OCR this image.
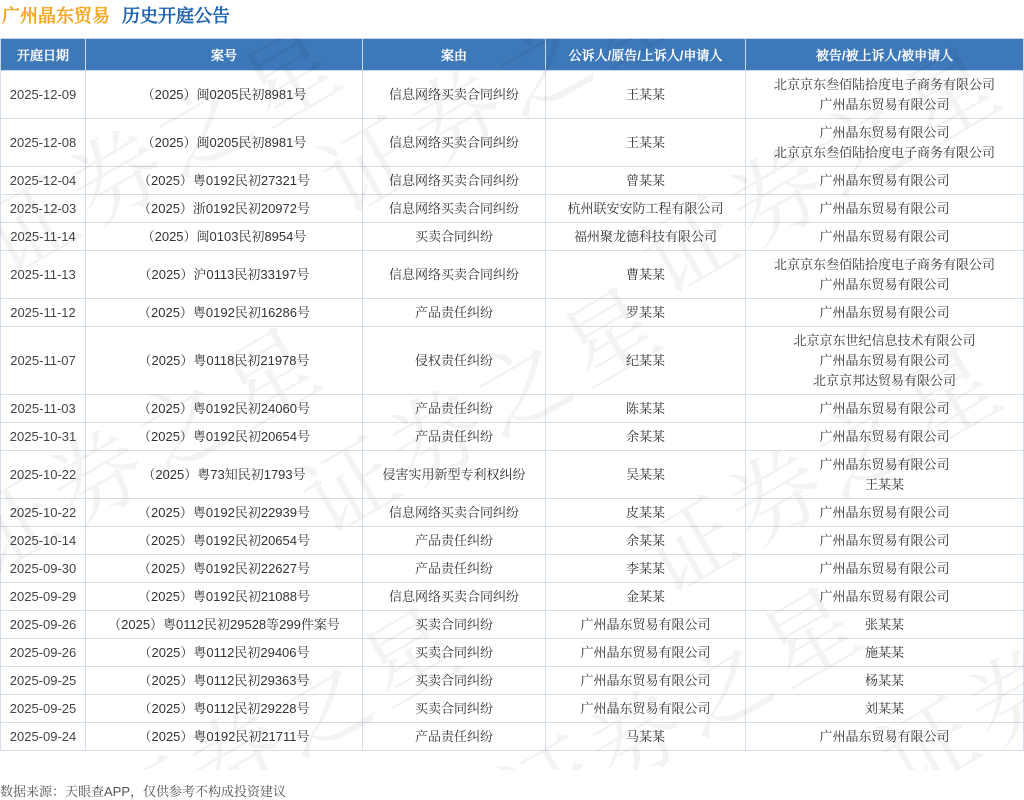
广州晶东贸易 历史开庭公告
开庭日期	案号	案由	公诉人/原告/上诉人/申请人	被告/被上诉人/被申请人
2025-12-09	（2025）闽0205民初8981号	信息网络买卖合同纠纷	王某某	北京京东叁佰陆拾度电子商务有限公司
广州晶东贸易有限公司

2025-12-08	（2025）闽0205民初8981号	信息网络买卖合同纠纷	王某某	广州晶东贸易有限公司
北京京东叁佰陆拾度电子商务有限公司

2025-12-04	（2025）粤0192民初27321号	信息网络买卖合同纠纷	曾某某	广州晶东贸易有限公司

2025-12-03	（2025）浙0192民初20972号	信息网络买卖合同纠纷	杭州联安安防工程有限公司	广州晶东贸易有限公司

2025-11-14	（2025）闽0103民初8954号	买卖合同纠纷	福州聚龙德科技有限公司	广州晶东贸易有限公司

2025-11-13	（2025）沪0113民初33197号	信息网络买卖合同纠纷	曹某某	北京京东叁佰陆拾度电子商务有限公司
广州晶东贸易有限公司

2025-11-12	（2025）粤0192民初16286号	产品责任纠纷	罗某某	广州晶东贸易有限公司

2025-11-07	（2025）粤0118民初21978号	侵权责任纠纷	纪某某	北京京东世纪信息技术有限公司
广州晶东贸易有限公司
北京京邦达贸易有限公司

2025-11-03	（2025）粤0192民初24060号	产品责任纠纷	陈某某	广州晶东贸易有限公司

2025-10-31	（2025）粤0192民初20654号	产品责任纠纷	余某某	广州晶东贸易有限公司

2025-10-22	（2025）粤73知民初1793号	侵害实用新型专利权纠纷	吴某某	广州晶东贸易有限公司
王某某

2025-10-22	（2025）粤0192民初22939号	信息网络买卖合同纠纷	皮某某	广州晶东贸易有限公司

2025-10-14	（2025）粤0192民初20654号	产品责任纠纷	余某某	广州晶东贸易有限公司

2025-09-30	（2025）粤0192民初22627号	产品责任纠纷	李某某	广州晶东贸易有限公司

2025-09-29	（2025）粤0192民初21088号	信息网络买卖合同纠纷	金某某	广州晶东贸易有限公司

2025-09-26	（2025）粤0112民初29528等299件案号	买卖合同纠纷	广州晶东贸易有限公司	张某某

2025-09-26	（2025）粤0112民初29406号	买卖合同纠纷	广州晶东贸易有限公司	施某某

2025-09-25	（2025）粤0112民初29363号	买卖合同纠纷	广州晶东贸易有限公司	杨某某

2025-09-25	（2025）粤0112民初29228号	买卖合同纠纷	广州晶东贸易有限公司	刘某某

2025-09-24	（2025）粤0192民初21711号	产品责任纠纷	马某某	广州晶东贸易有限公司
数据来源：天眼查APP，仅供参考不构成投资建议
